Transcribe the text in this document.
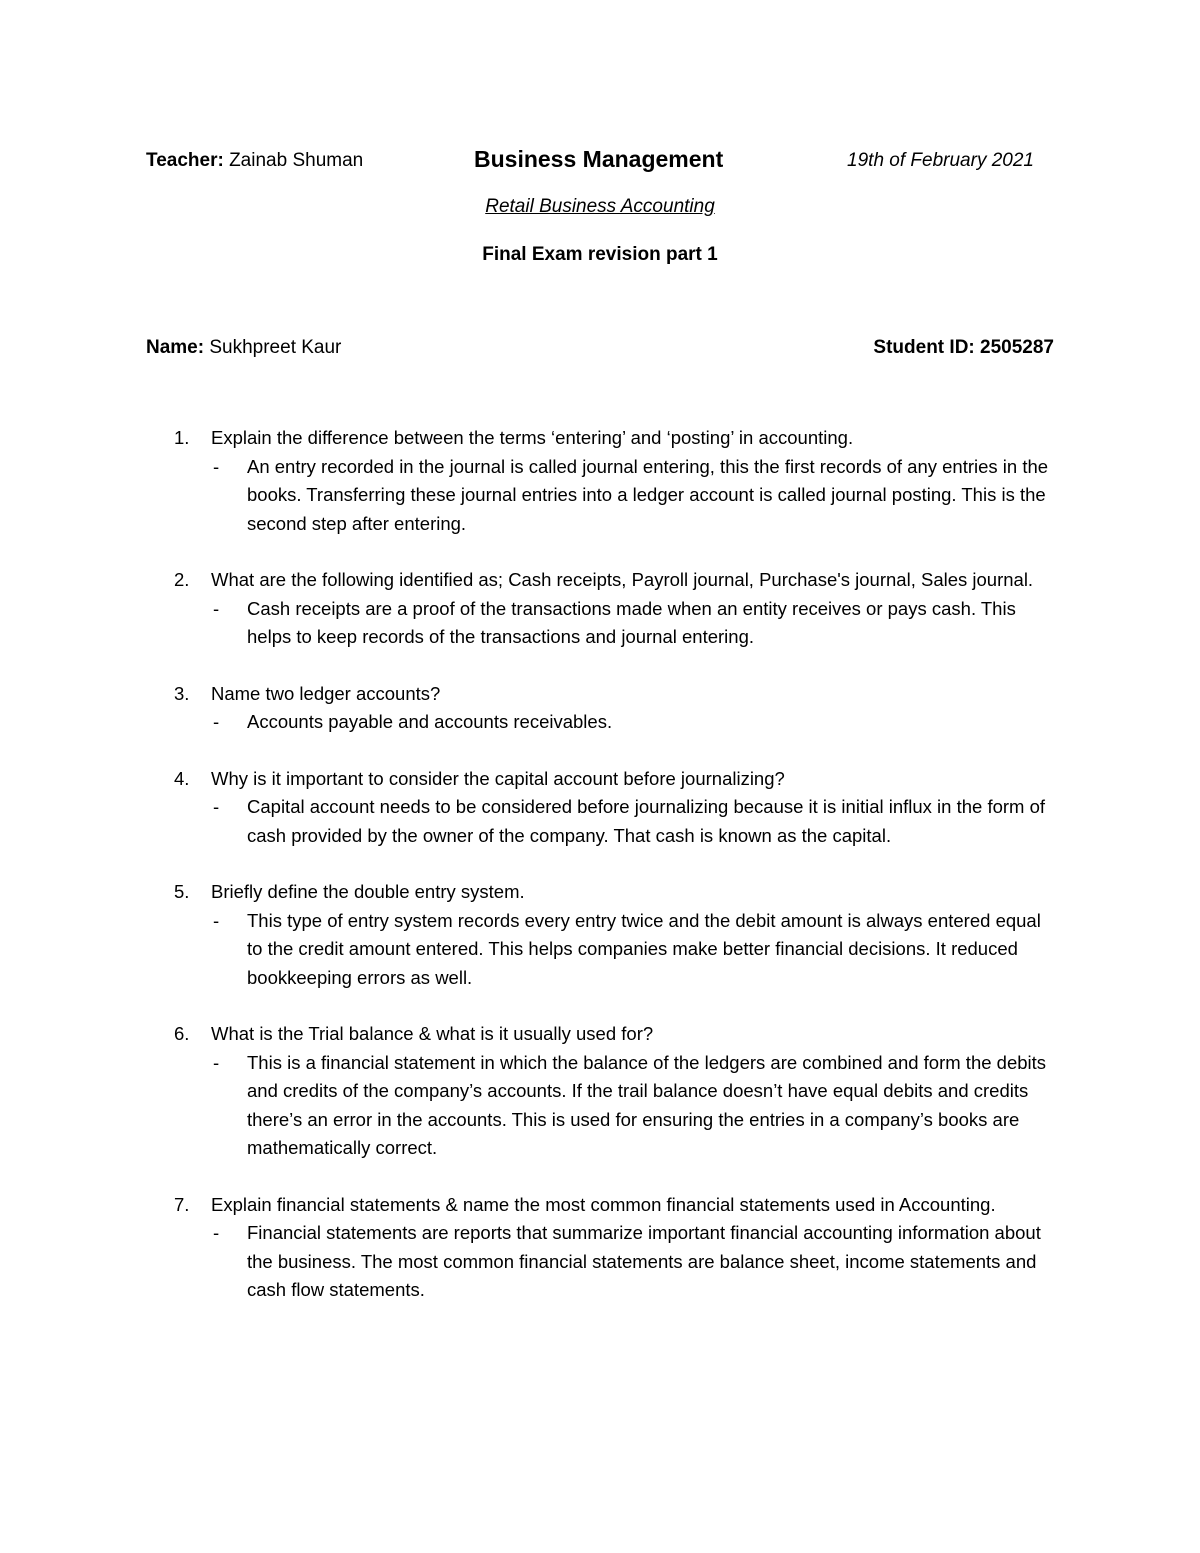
Teacher: Zainab Shuman	Business Management	19th of February 2021
Retail Business Accounting
Final Exam revision part 1
Name: Sukhpreet Kaur	Student ID: 2505287
1. Explain the difference between the terms ‘entering’ and ‘posting’ in accounting.
- An entry recorded in the journal is called journal entering, this the first records of any entries in the books. Transferring these journal entries into a ledger account is called journal posting. This is the second step after entering.
2. What are the following identified as; Cash receipts, Payroll journal, Purchase's journal, Sales journal.
- Cash receipts are a proof of the transactions made when an entity receives or pays cash. This helps to keep records of the transactions and journal entering.
3. Name two ledger accounts?
- Accounts payable and accounts receivables.
4. Why is it important to consider the capital account before journalizing?
- Capital account needs to be considered before journalizing because it is initial influx in the form of cash provided by the owner of the company. That cash is known as the capital.
5. Briefly define the double entry system.
- This type of entry system records every entry twice and the debit amount is always entered equal to the credit amount entered. This helps companies make better financial decisions. It reduced bookkeeping errors as well.
6. What is the Trial balance & what is it usually used for?
- This is a financial statement in which the balance of the ledgers are combined and form the debits and credits of the company’s accounts. If the trail balance doesn’t have equal debits and credits there’s an error in the accounts. This is used for ensuring the entries in a company’s books are mathematically correct.
7. Explain financial statements & name the most common financial statements used in Accounting.
- Financial statements are reports that summarize important financial accounting information about the business. The most common financial statements are balance sheet, income statements and cash flow statements.
